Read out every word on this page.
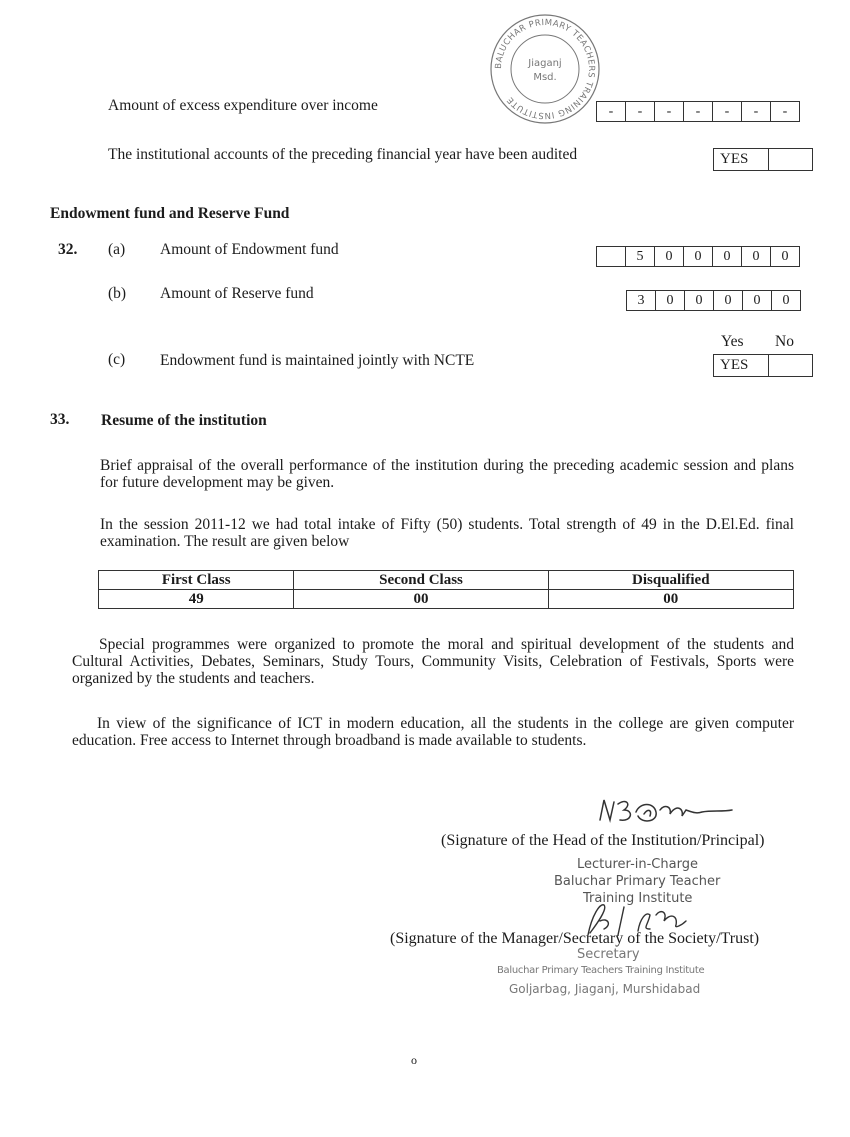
BALUCHAR PRIMARY TEACHERS TRAINING INSTITUTE
Jiaganj
Msd.
Amount of excess expenditure over income	-	-	-	-	-	-	-
The institutional accounts of the preceding financial year have been audited	YES
Endowment fund and Reserve Fund
32. (a) Amount of Endowment fund	5	0	0	0	0	0
(b) Amount of Reserve fund	3	0	0	0	0	0
Yes No
(c) Endowment fund is maintained jointly with NCTE	YES
33. Resume of the institution
Brief appraisal of the overall performance of the institution during the preceding academic session and plans for future development may be given.
In the session 2011-12 we had total intake of Fifty (50) students. Total strength of 49 in the D.El.Ed. final examination. The result are given below
First Class	Second Class	Disqualified
49	00	00
Special programmes were organized to promote the moral and spiritual development of the students and Cultural Activities, Debates, Seminars, Study Tours, Community Visits, Celebration of Festivals, Sports were organized by the students and teachers.
In view of the significance of ICT in modern education, all the students in the college are given computer education. Free access to Internet through broadband is made available to students.
(Signature of the Head of the Institution/Principal)
Lecturer-in-Charge
Baluchar Primary Teacher
Training Institute
(Signature of the Manager/Secretary of the Society/Trust)
Secretary
Baluchar Primary Teachers Training Institute
Goljarbag, Jiaganj, Murshidabad
o
